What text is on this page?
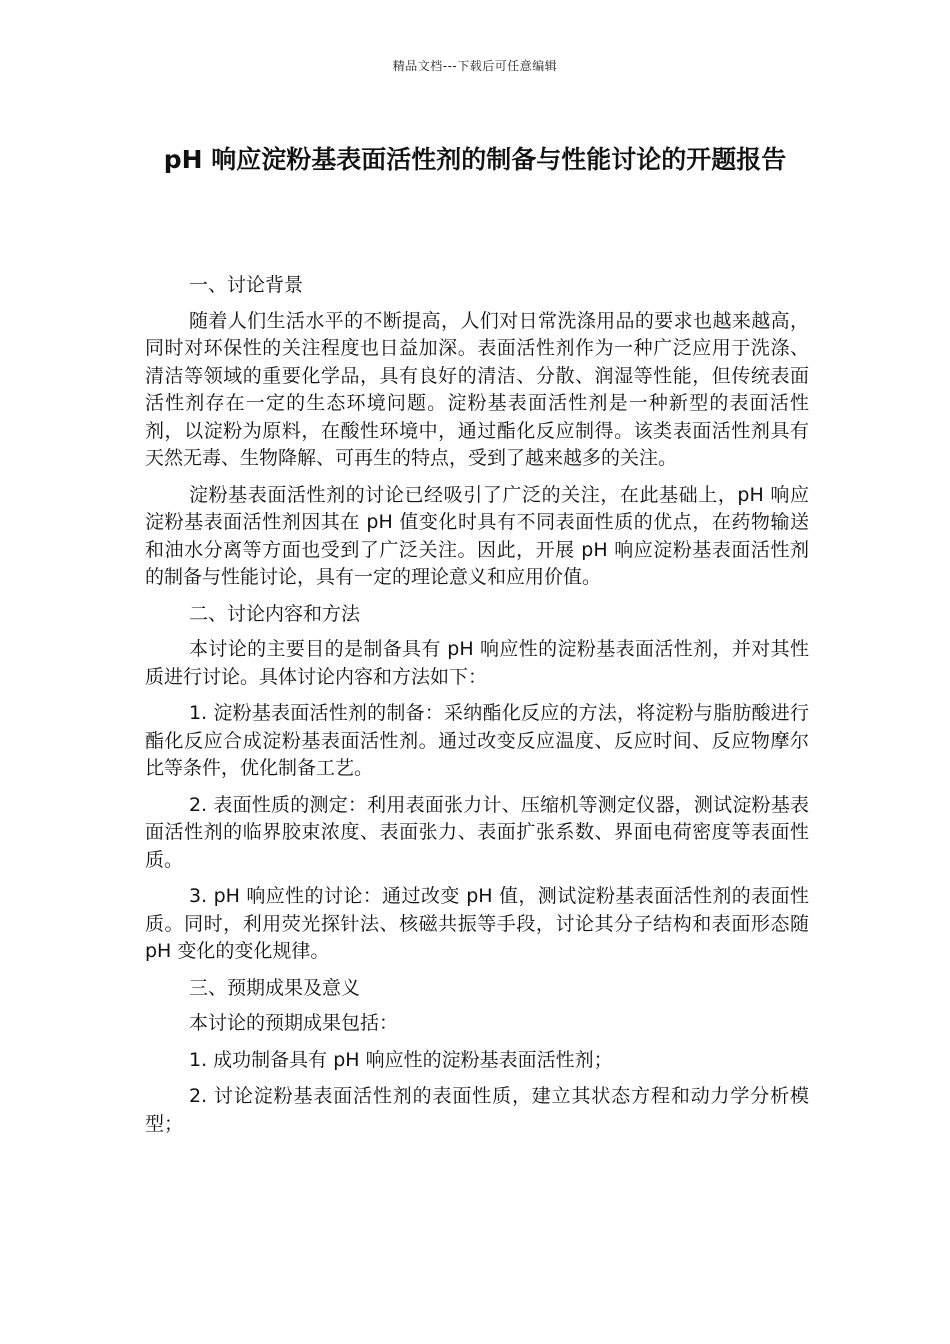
精品文档---下载后可任意编辑
pH 响应淀粉基表面活性剂的制备与性能讨论的开题报告

一、讨论背景

随着人们生活水平的不断提高，人们对日常洗涤用品的要求也越来越高，同时对环保性的关注程度也日益加深。表面活性剂作为一种广泛应用于洗涤、清洁等领域的重要化学品，具有良好的清洁、分散、润湿等性能，但传统表面活性剂存在一定的生态环境问题。淀粉基表面活性剂是一种新型的表面活性剂，以淀粉为原料，在酸性环境中，通过酯化反应制得。该类表面活性剂具有天然无毒、生物降解、可再生的特点，受到了越来越多的关注。

淀粉基表面活性剂的讨论已经吸引了广泛的关注，在此基础上，pH 响应淀粉基表面活性剂因其在 pH 值变化时具有不同表面性质的优点，在药物输送和油水分离等方面也受到了广泛关注。因此，开展 pH 响应淀粉基表面活性剂的制备与性能讨论，具有一定的理论意义和应用价值。

二、讨论内容和方法

本讨论的主要目的是制备具有 pH 响应性的淀粉基表面活性剂，并对其性质进行讨论。具体讨论内容和方法如下：

1. 淀粉基表面活性剂的制备：采纳酯化反应的方法，将淀粉与脂肪酸进行酯化反应合成淀粉基表面活性剂。通过改变反应温度、反应时间、反应物摩尔比等条件，优化制备工艺。

2. 表面性质的测定：利用表面张力计、压缩机等测定仪器，测试淀粉基表面活性剂的临界胶束浓度、表面张力、表面扩张系数、界面电荷密度等表面性质。

3. pH 响应性的讨论：通过改变 pH 值，测试淀粉基表面活性剂的表面性质。同时，利用荧光探针法、核磁共振等手段，讨论其分子结构和表面形态随 pH 变化的变化规律。

三、预期成果及意义

本讨论的预期成果包括：

1. 成功制备具有 pH 响应性的淀粉基表面活性剂；

2. 讨论淀粉基表面活性剂的表面性质，建立其状态方程和动力学分析模型；
